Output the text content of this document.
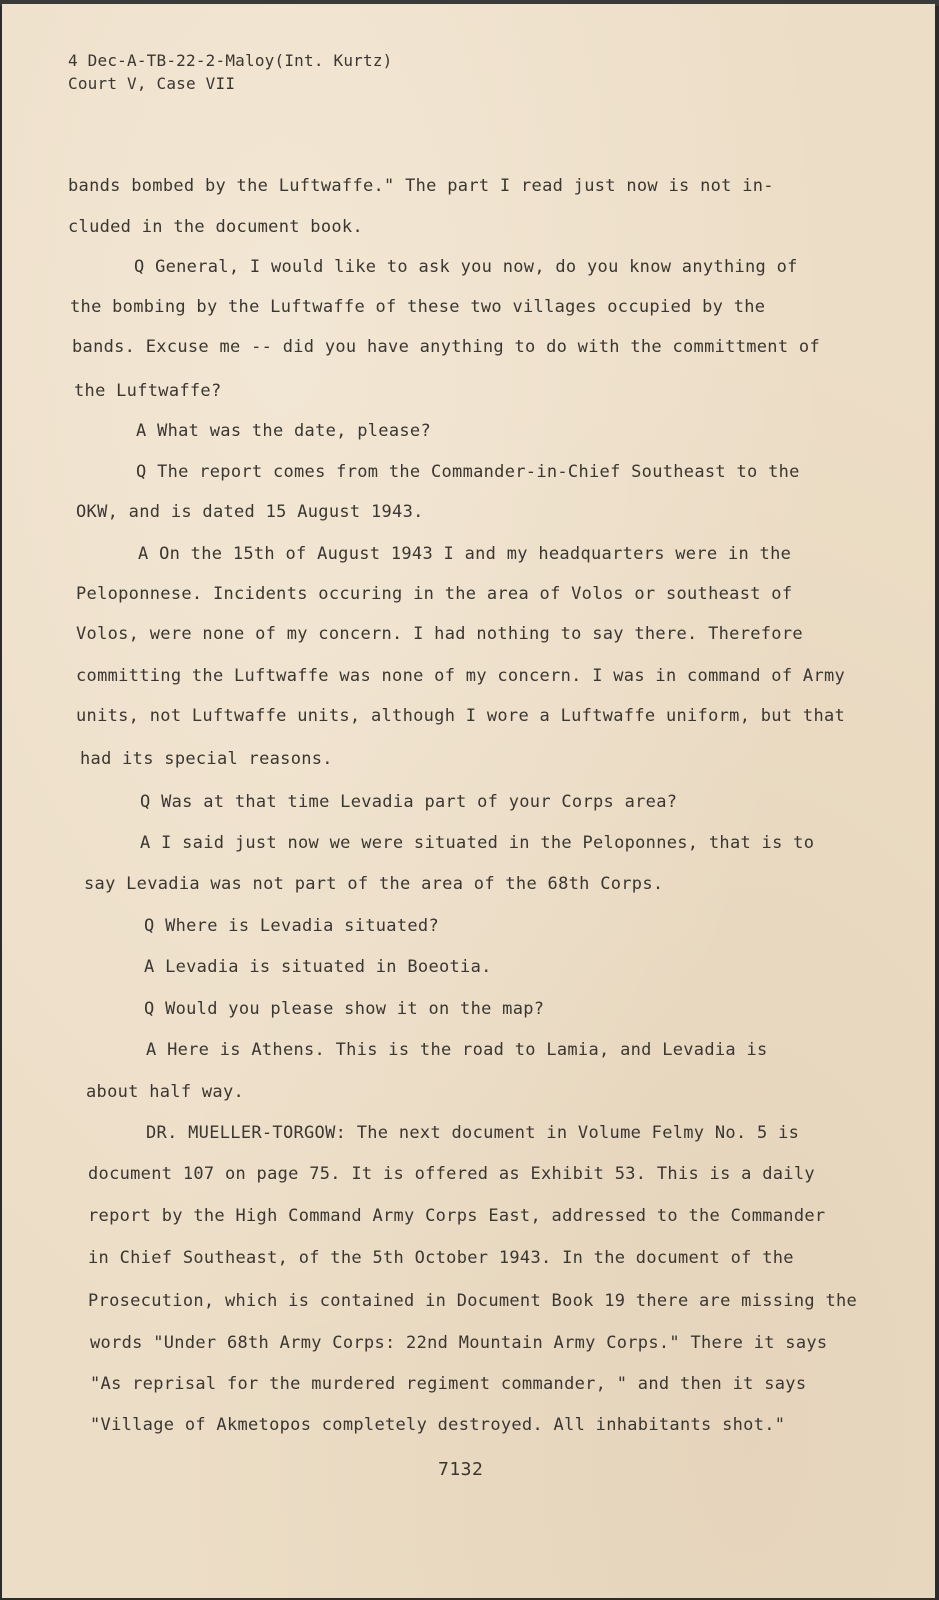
4 Dec-A-TB-22-2-Maloy(Int. Kurtz)
Court V, Case VII
bands bombed by the Luftwaffe." The part I read just now is not in-
cluded in the document book.
Q General, I would like to ask you now, do you know anything of
the bombing by the Luftwaffe of these two villages occupied by the
bands. Excuse me -- did you have anything to do with the committment of
the Luftwaffe?
A What was the date, please?
Q The report comes from the Commander-in-Chief Southeast to the
OKW, and is dated 15 August 1943.
A On the 15th of August 1943 I and my headquarters were in the
Peloponnese. Incidents occuring in the area of Volos or southeast of
Volos, were none of my concern. I had nothing to say there. Therefore
committing the Luftwaffe was none of my concern. I was in command of Army
units, not Luftwaffe units, although I wore a Luftwaffe uniform, but that
had its special reasons.
Q Was at that time Levadia part of your Corps area?
A I said just now we were situated in the Peloponnes, that is to
say Levadia was not part of the area of the 68th Corps.
Q Where is Levadia situated?
A Levadia is situated in Boeotia.
Q Would you please show it on the map?
A Here is Athens. This is the road to Lamia, and Levadia is
about half way.
DR. MUELLER-TORGOW: The next document in Volume Felmy No. 5 is
document 107 on page 75. It is offered as Exhibit 53. This is a daily
report by the High Command Army Corps East, addressed to the Commander
in Chief Southeast, of the 5th October 1943. In the document of the
Prosecution, which is contained in Document Book 19 there are missing the
words "Under 68th Army Corps: 22nd Mountain Army Corps." There it says
"As reprisal for the murdered regiment commander, " and then it says
"Village of Akmetopos completely destroyed. All inhabitants shot."
7132
